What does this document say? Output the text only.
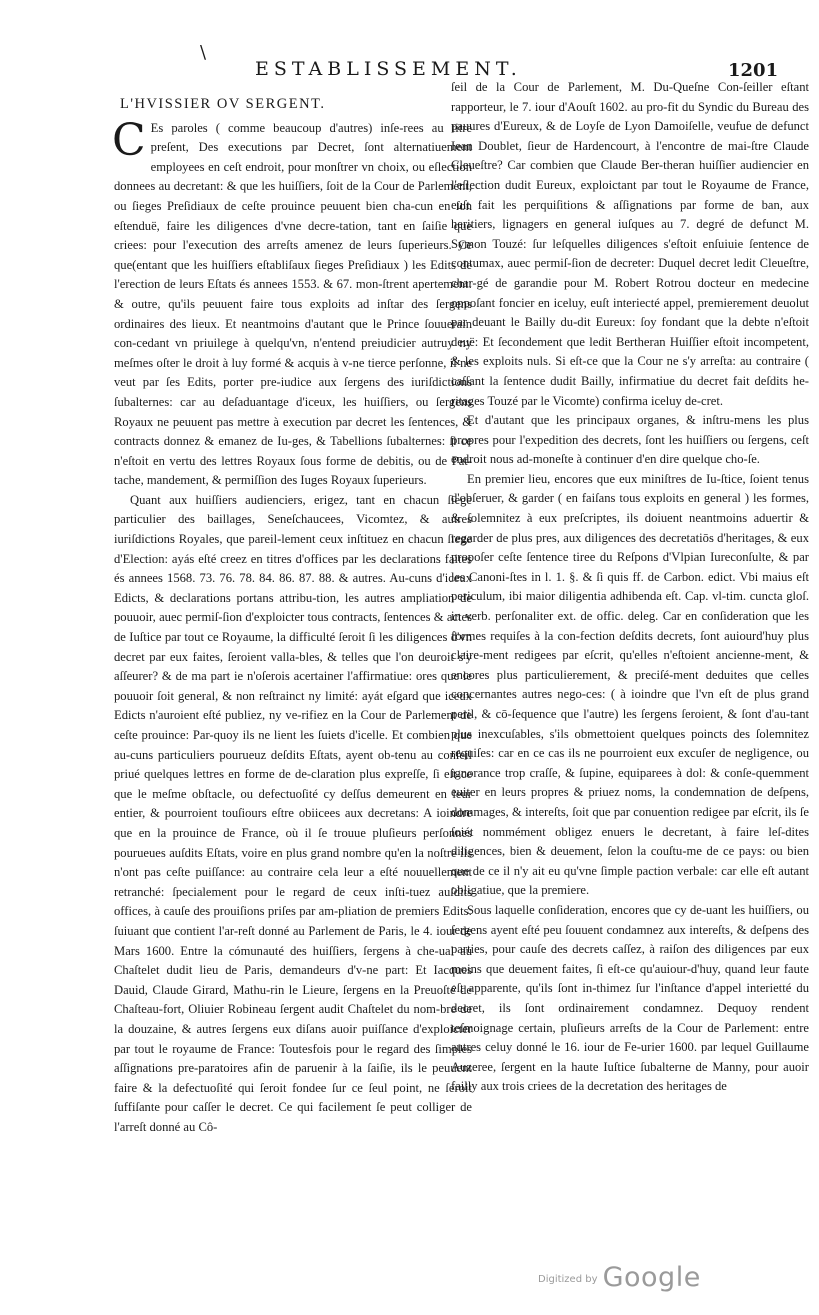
\
ESTABLISSEMENT.	1201
L'HVISSIER OV SERGENT.

C Es paroles ( comme beaucoup d'autres) inſe-rees au titre preſent, Des executions par Decret, ſont alternatiuement employees en ceſt endroit, pour monſtrer vn choix, ou eſlection donnees au decretant: & que les huiſſiers, ſoit de la Cour de Parlement, ou ſieges Preſidiaux de ceſte prouince peuuent bien cha-cun en ſon eſtenduë, faire les diligences d'vne decre-tation, tant en ſaiſie que criees: pour l'execution des arreſts amenez de leurs ſuperieurs. Ce que(entant que les huiſſiers eſtabliſaux ſieges Preſidiaux ) les Edits de l'erection de leurs Eſtats és annees 1553. & 67. mon-ſtrent apertement: & outre, qu'ils peuuent faire tous exploits ad inſtar des ſergens ordinaires des lieux. Et neantmoins d'autant que le Prince ſouuerain con-cedant vn priuilege à quelqu'vn, n'entend preiudicier autruy ny meſmes oſter le droit à luy formé & acquis à v-ne tierce perſonne, il ne veut par ſes Edits, porter pre-iudice aux ſergens des iuriſdictions ſubalternes: car au deſaduantage d'iceux, les huiſſiers, ou ſergens Royaux ne peuuent pas mettre à execution par decret les ſentences, & contracts donnez & emanez de Iu-ges, & Tabellions ſubalternes: ſi ce n'eſtoit en vertu des lettres Royaux ſous forme de debitis, ou de Pat-tache, mandement, & permiſſion des Iuges Royaux ſuperieurs.

Quant aux huiſſiers audienciers, erigez, tant en chacun ſiege particulier des baillages, Seneſchaucees, Vicomtez, & autres iuriſdictions Royales, que pareil-lement ceux inſtituez en chacun ſiege d'Election: ayás eſté creez en titres d'offices par les declarations faites és annees 1568. 73. 76. 78. 84. 86. 87. 88. & autres. Au-cuns d'iceux Edicts, & declarations portans attribu-tion, les autres ampliation de pouuoir, auec permiſ-ſion d'exploicter tous contracts, ſentences & actes de Iuſtice par tout ce Royaume, la difficulté ſeroit ſi les diligences d'vn decret par eux faites, ſeroient valla-bles, & telles que l'on deuroit s'y aſſeurer? & de ma part ie n'oſerois acertainer l'affirmatiue: ores que le pouuoir ſoit general, & non reſtrainct ny limité: ayát eſgard que iceux Edicts n'auroient eſté publiez, ny ve-rifiez en la Cour de Parlement de ceſte prouince: Par-quoy ils ne lient les ſuiets d'icelle. Et combien que au-cuns particuliers pourueuz deſdits Eſtats, ayent ob-tenu au conſeil priué quelques lettres en forme de de-claration plus expreſſe, ſi eſt-ce que le meſme obſtacle, ou defectuoſité cy deſſus demeurent en leur entier, & pourroient touſiours eſtre obiicees aux decretans: A ioindre que en la prouince de France, où il ſe trouue pluſieurs perſonnes pourueues auſdits Eſtats, voire en plus grand nombre qu'en la noſtre ils n'ont pas ceſte puiſſance: au contraire cela leur a eſté nouuellement retranché: ſpecialement pour le regard de ceux inſti-tuez auſdits offices, à cauſe des prouiſions priſes par am-pliation de premiers Edits: ſuiuant que contient l'ar-reſt donné au Parlement de Paris, le 4. iour de Mars 1600. Entre la cómunauté des huiſſiers, ſergens à che-ual au Chaſtelet dudit lieu de Paris, demandeurs d'v-ne part: Et Iacques Dauid, Claude Girard, Mathu-rin le Lieure, ſergens en la Preuoſté de Chaſteau-fort, Oliuier Robineau ſergent audit Chaſtelet du nom-bre de la douzaine, & autres ſergens eux diſans auoir puiſſance d'exploicter par tout le royaume de France: Toutesfois pour le regard des ſimples aſſignations pre-paratoires afin de paruenir à la ſaiſie, ils le peuuent faire & la defectuoſité qui ſeroit fondee ſur ce ſeul point, ne ſeroit ſuffiſante pour caſſer le decret. Ce qui facilement ſe peut colliger de l'arreſt donné au Cô-

ſeil de la Cour de Parlement, M. Du-Queſne Con-ſeiller eſtant rapporteur, le 7. iour d'Aouſt 1602. au pro-fit du Syndic du Bureau des pauures d'Eureux, & de Loyſe de Lyon Damoiſelle, veufue de defunct Iean Doublet, ſieur de Hardencourt, à l'encontre de mai-ſtre Claude Cleueſtre? Car combien que Claude Ber-theran huiſſier audiencier en l'eſlection dudit Eureux, exploictant par tout le Royaume de France, euſt fait les perquiſitions & aſſignations par forme de ban, aux heritiers, lignagers en general iuſques au 7. degré de defunct M. Symon Touzé: ſur leſquelles diligences s'eſtoit enſuiuie ſentence de contumax, auec permiſ-ſion de decreter: Duquel decret ledit Cleueſtre, char-gé de garandie pour M. Robert Rotrou docteur en medecine oppoſant foncier en iceluy, euſt interiecté appel, premierement deuolut par deuant le Bailly du-dit Eureux: ſoy fondant que la debte n'eſtoit deuë: Et ſecondement que ledit Bertheran Huiſſier eſtoit incompetent, & les exploits nuls. Si eſt-ce que la Cour ne s'y arreſta: au contraire ( caſſant la ſentence dudit Bailly, infirmatiue du decret fait deſdits he-ritages Touzé par le Vicomte) confirma iceluy de-cret.

Et d'autant que les principaux organes, & inſtru-mens les plus propres pour l'expedition des decrets, ſont les huiſſiers ou ſergens, ceſt endroit nous ad-moneſte à continuer d'en dire quelque cho-ſe.

En premier lieu, encores que eux miniſtres de Iu-ſtice, ſoient tenus d'obſeruer, & garder ( en faiſans tous exploits en general ) les formes, & ſolemnitez à eux preſcriptes, ils doiuent neantmoins aduertir & regarder de plus pres, aux diligences des decretatiōs d'heritages, & eux propoſer ceſte ſentence tiree du Reſpons d'Vlpian Iureconſulte, & par les Canoni-ſtes in l. 1. §. & ſi quis ff. de Carbon. edict. Vbi maius eſt periculum, ibi maior diligentia adhibenda eſt. Cap. vl-tim. cuncta gloſ. in verb. perſonaliter ext. de offic. deleg. Car en conſideration que les formes requiſes à la con-fection deſdits decrets, ſont auiourd'huy plus claire-ment redigees par eſcrit, qu'elles n'eſtoient ancienne-ment, & encores plus particulierement, & preciſé-ment deduites que celles concernantes autres nego-ces: ( à ioindre que l'vn eſt de plus grand peril, & cō-ſequence que l'autre) les ſergens ſeroient, & ſont d'au-tant plus inexcuſables, s'ils obmettoient quelques poincts des ſolemnitez requiſes: car en ce cas ils ne pourroient eux excuſer de negligence, ou ignorance trop craſſe, & ſupine, equiparees à dol: & conſe-quemment euiter en leurs propres & priuez noms, la condemnation de deſpens, dommages, & intereſts, ſoit que par conuention redigee par eſcrit, ils ſe ſoiét nommément obligez enuers le decretant, à faire leſ-dites diligences, bien & deuement, ſelon la couſtu-me de ce pays: ou bien que de ce il n'y ait eu qu'vne ſimple paction verbale: car elle eſt autant obligatiue, que la premiere.

Sous laquelle conſideration, encores que cy de-uant les huiſſiers, ou ſergens ayent eſté peu ſouuent condamnez aux intereſts, & deſpens des parties, pour cauſe des decrets caſſez, à raiſon des diligences par eux moins que deuement faites, ſi eſt-ce qu'auiour-d'huy, quand leur faute eſt apparente, qu'ils ſont in-thimez ſur l'inſtance d'appel interietté du decret, ils ſont ordinairement condamnez. Dequoy rendent teſmoignage certain, pluſieurs arreſts de la Cour de Parlement: entre autres celuy donné le 16. iour de Fe-urier 1600. par lequel Guillaume Auzeree, ſergent en la haute Iuſtice ſubalterne de Manny, pour auoir failly aux trois criees de la decretation des heritages de

$^{Digitized by}$ Google
